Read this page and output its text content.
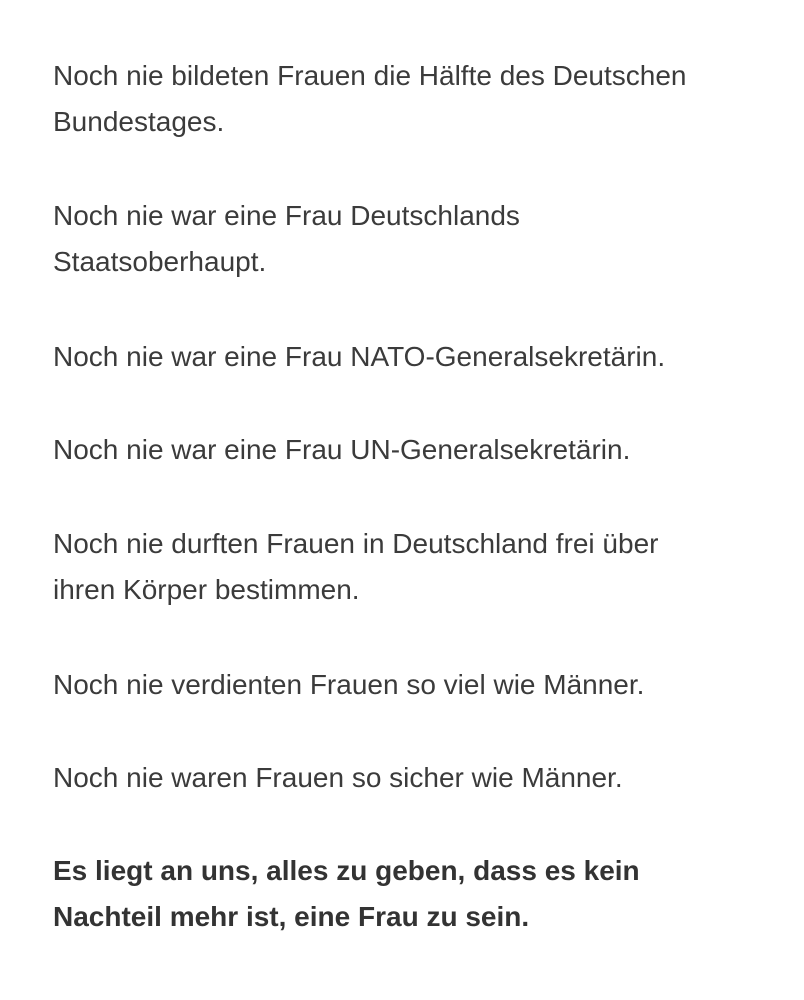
Noch nie bildeten Frauen die Hälfte des Deutschen
Bundestages.
Noch nie war eine Frau Deutschlands
Staatsoberhaupt.
Noch nie war eine Frau NATO-Generalsekretärin.
Noch nie war eine Frau UN-Generalsekretärin.
Noch nie durften Frauen in Deutschland frei über
ihren Körper bestimmen.
Noch nie verdienten Frauen so viel wie Männer.
Noch nie waren Frauen so sicher wie Männer.
Es liegt an uns, alles zu geben, dass es kein
Nachteil mehr ist, eine Frau zu sein.
